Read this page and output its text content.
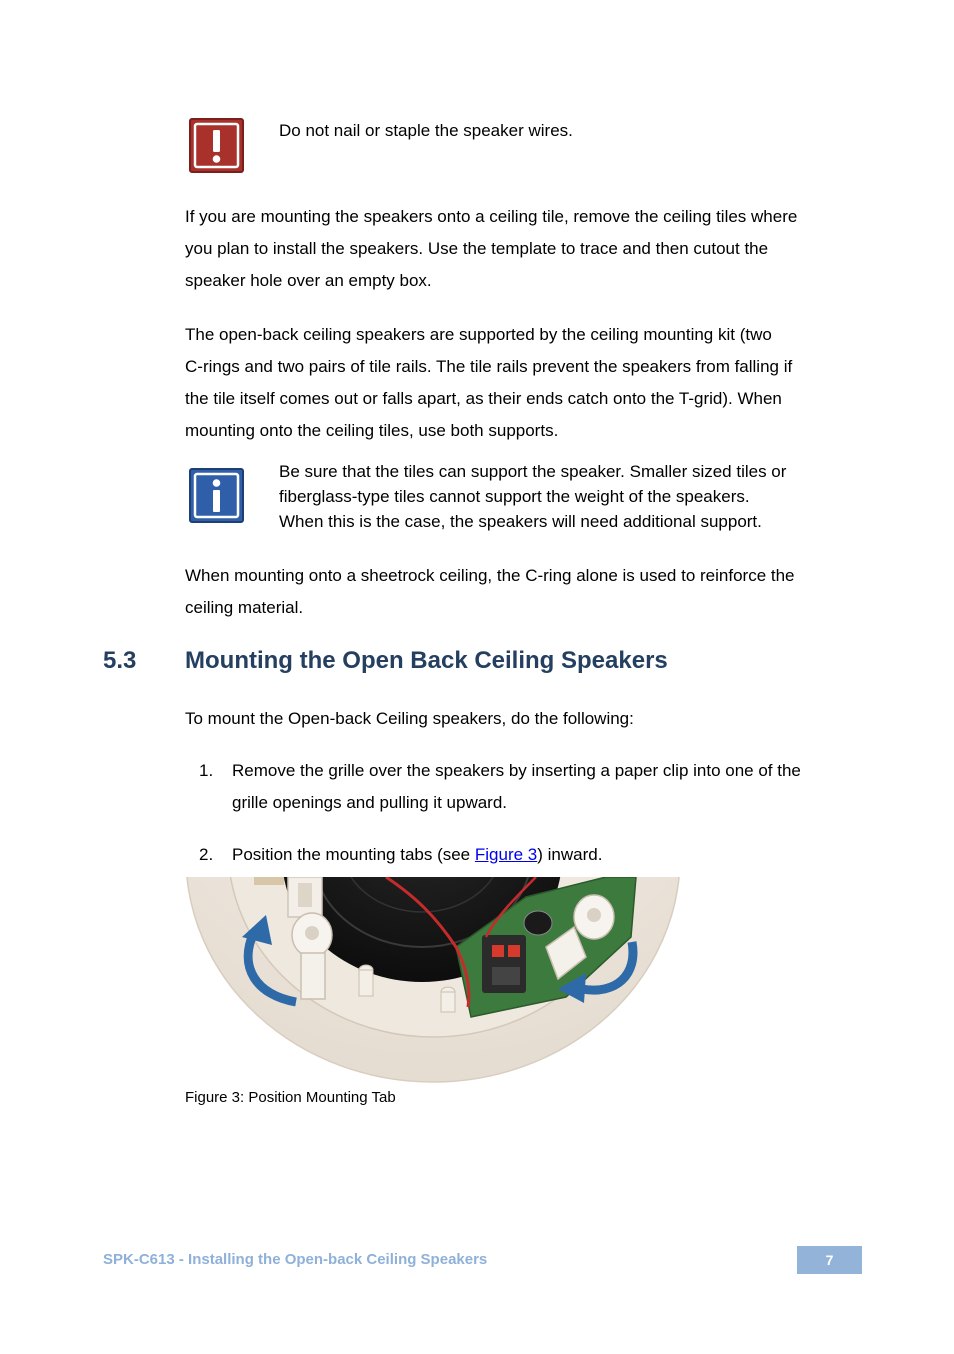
Do not nail or staple the speaker wires.

If you are mounting the speakers onto a ceiling tile, remove the ceiling tiles where
you plan to install the speakers. Use the template to trace and then cutout the
speaker hole over an empty box.
The open-back ceiling speakers are supported by the ceiling mounting kit (two
C-rings and two pairs of tile rails. The tile rails prevent the speakers from falling if
the tile itself comes out or falls apart, as their ends catch onto the T-grid). When
mounting onto the ceiling tiles, use both supports.
Be sure that the tiles can support the speaker. Smaller sized tiles or
fiberglass-type tiles cannot support the weight of the speakers.
When this is the case, the speakers will need additional support.
When mounting onto a sheetrock ceiling, the C-ring alone is used to reinforce the
ceiling material.
5.3 Mounting the Open Back Ceiling Speakers

To mount the Open-back Ceiling speakers, do the following:

1. Remove the grille over the speakers by inserting a paper clip into one of the
grille openings and pulling it upward.
2. Position the mounting tabs (see Figure 3) inward.
Figure 3: Position Mounting Tab
SPK-C613 - Installing the Open-back Ceiling Speakers	7
